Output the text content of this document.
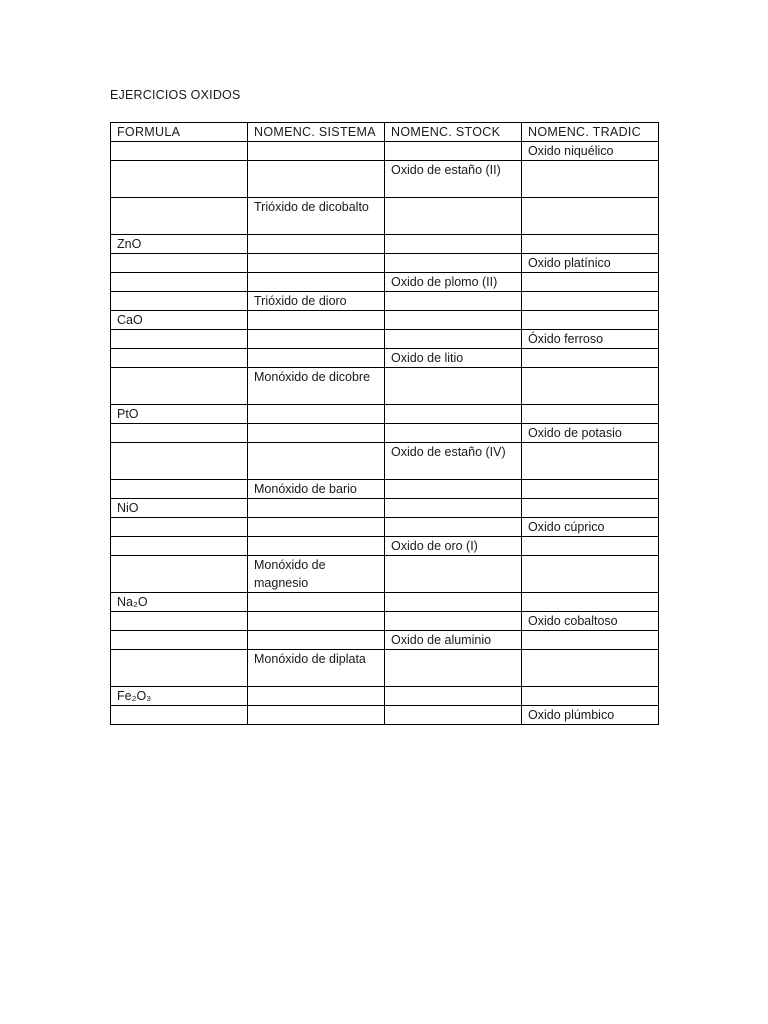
EJERCICIOS OXIDOS
FORMULA	NOMENC. SISTEMA	NOMENC. STOCK	NOMENC. TRADIC
			Oxido niquélico
		Oxido de estaño (II)	
	Trióxido de dicobalto		
ZnO			
			Oxido platínico
		Oxido de plomo (II)	
	Trióxido de dioro		
CaO			
			Óxido ferroso
		Oxido de litio	
	Monóxido de dicobre		
PtO			
			Oxido de potasio
		Oxido de estaño (IV)	
	Monóxido de bario		
NiO			
			Oxido cúprico
		Oxido de oro (I)	
	Monóxido de magnesio		
Na₂O			
			Oxido cobaltoso
		Oxido de aluminio	
	Monóxido de diplata		
Fe₂O₃			
			Oxido plúmbico
